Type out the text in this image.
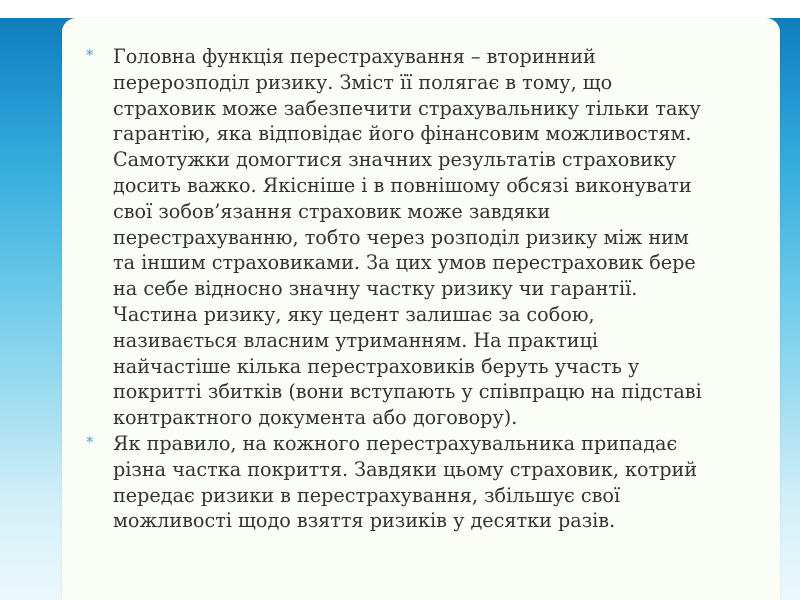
* Головна функція перестрахування – вторинний перерозподіл ризику. Зміст її полягає в тому, що страховик може забезпечити страхувальнику тільки таку гарантію, яка відповідає його фінансовим можливостям. Самотужки домогтися значних результатів страховику досить важко. Якісніше і в повнішому обсязі виконувати свої зобов’язання страховик може завдяки перестрахуванню, тобто через розподіл ризику між ним та іншим страховиками. За цих умов перестраховик бере на себе відносно значну частку ризику чи гарантії. Частина ризику, яку цедент залишає за собою, називається власним утриманням. На практиці найчастіше кілька перестраховиків беруть участь у покритті збитків (вони вступають у співпрацю на підставі контрактного документа або договору).
* Як правило, на кожного перестрахувальника припадає різна частка покриття. Завдяки цьому страховик, котрий передає ризики в перестрахування, збільшує свої можливості щодо взяття ризиків у десятки разів.
